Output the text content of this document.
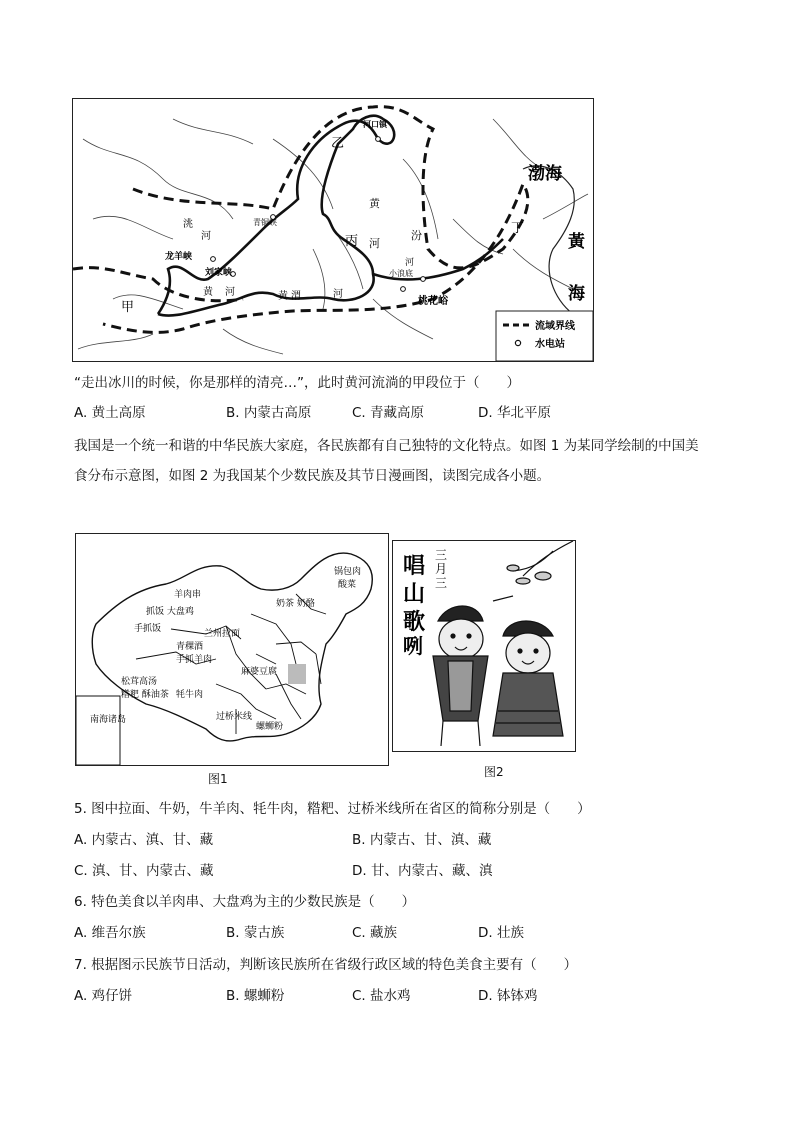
渤海
黃
海
乙
丙
丁
甲
河口镇
青铜峡
黄
河
汾
河
黄	河
小浪底
桃花峪
龙羊峡
刘家峡
洮
河
黄 河	渭
流域界线
水电站
“走出冰川的时候，你是那样的清亮…”，此时黄河流淌的甲段位于（　　）
A. 黄土高原	B. 内蒙古高原	C. 青藏高原	D. 华北平原
我国是一个统一和谐的中华民族大家庭，各民族都有自己独特的文化特点。如图 1 为某同学绘制的中国美
食分布示意图，如图 2 为我国某个少数民族及其节日漫画图，读图完成各小题。
南海诸岛
羊肉串
抓饭 大盘鸡
手抓饭
松茸高汤
糌粑 酥油茶 牦牛肉
青稞酒
手抓羊肉
奶茶 奶酪
兰州拉面
锅包肉
酸菜
麻婆豆腐
过桥米线
螺蛳粉
图1
唱
山
歌
咧
三
月
三
图2
5. 图中拉面、牛奶，牛羊肉、牦牛肉，糌粑、过桥米线所在省区的简称分别是（　　）
A. 内蒙古、滇、甘、藏	B. 内蒙古、甘、滇、藏
C. 滇、甘、内蒙古、藏	D. 甘、内蒙古、藏、滇
6. 特色美食以羊肉串、大盘鸡为主的少数民族是（　　）
A. 维吾尔族	B. 蒙古族	C. 藏族	D. 壮族
7. 根据图示民族节日活动，判断该民族所在省级行政区域的特色美食主要有（　　）
A. 鸡仔饼	B. 螺蛳粉	C. 盐水鸡	D. 钵钵鸡
